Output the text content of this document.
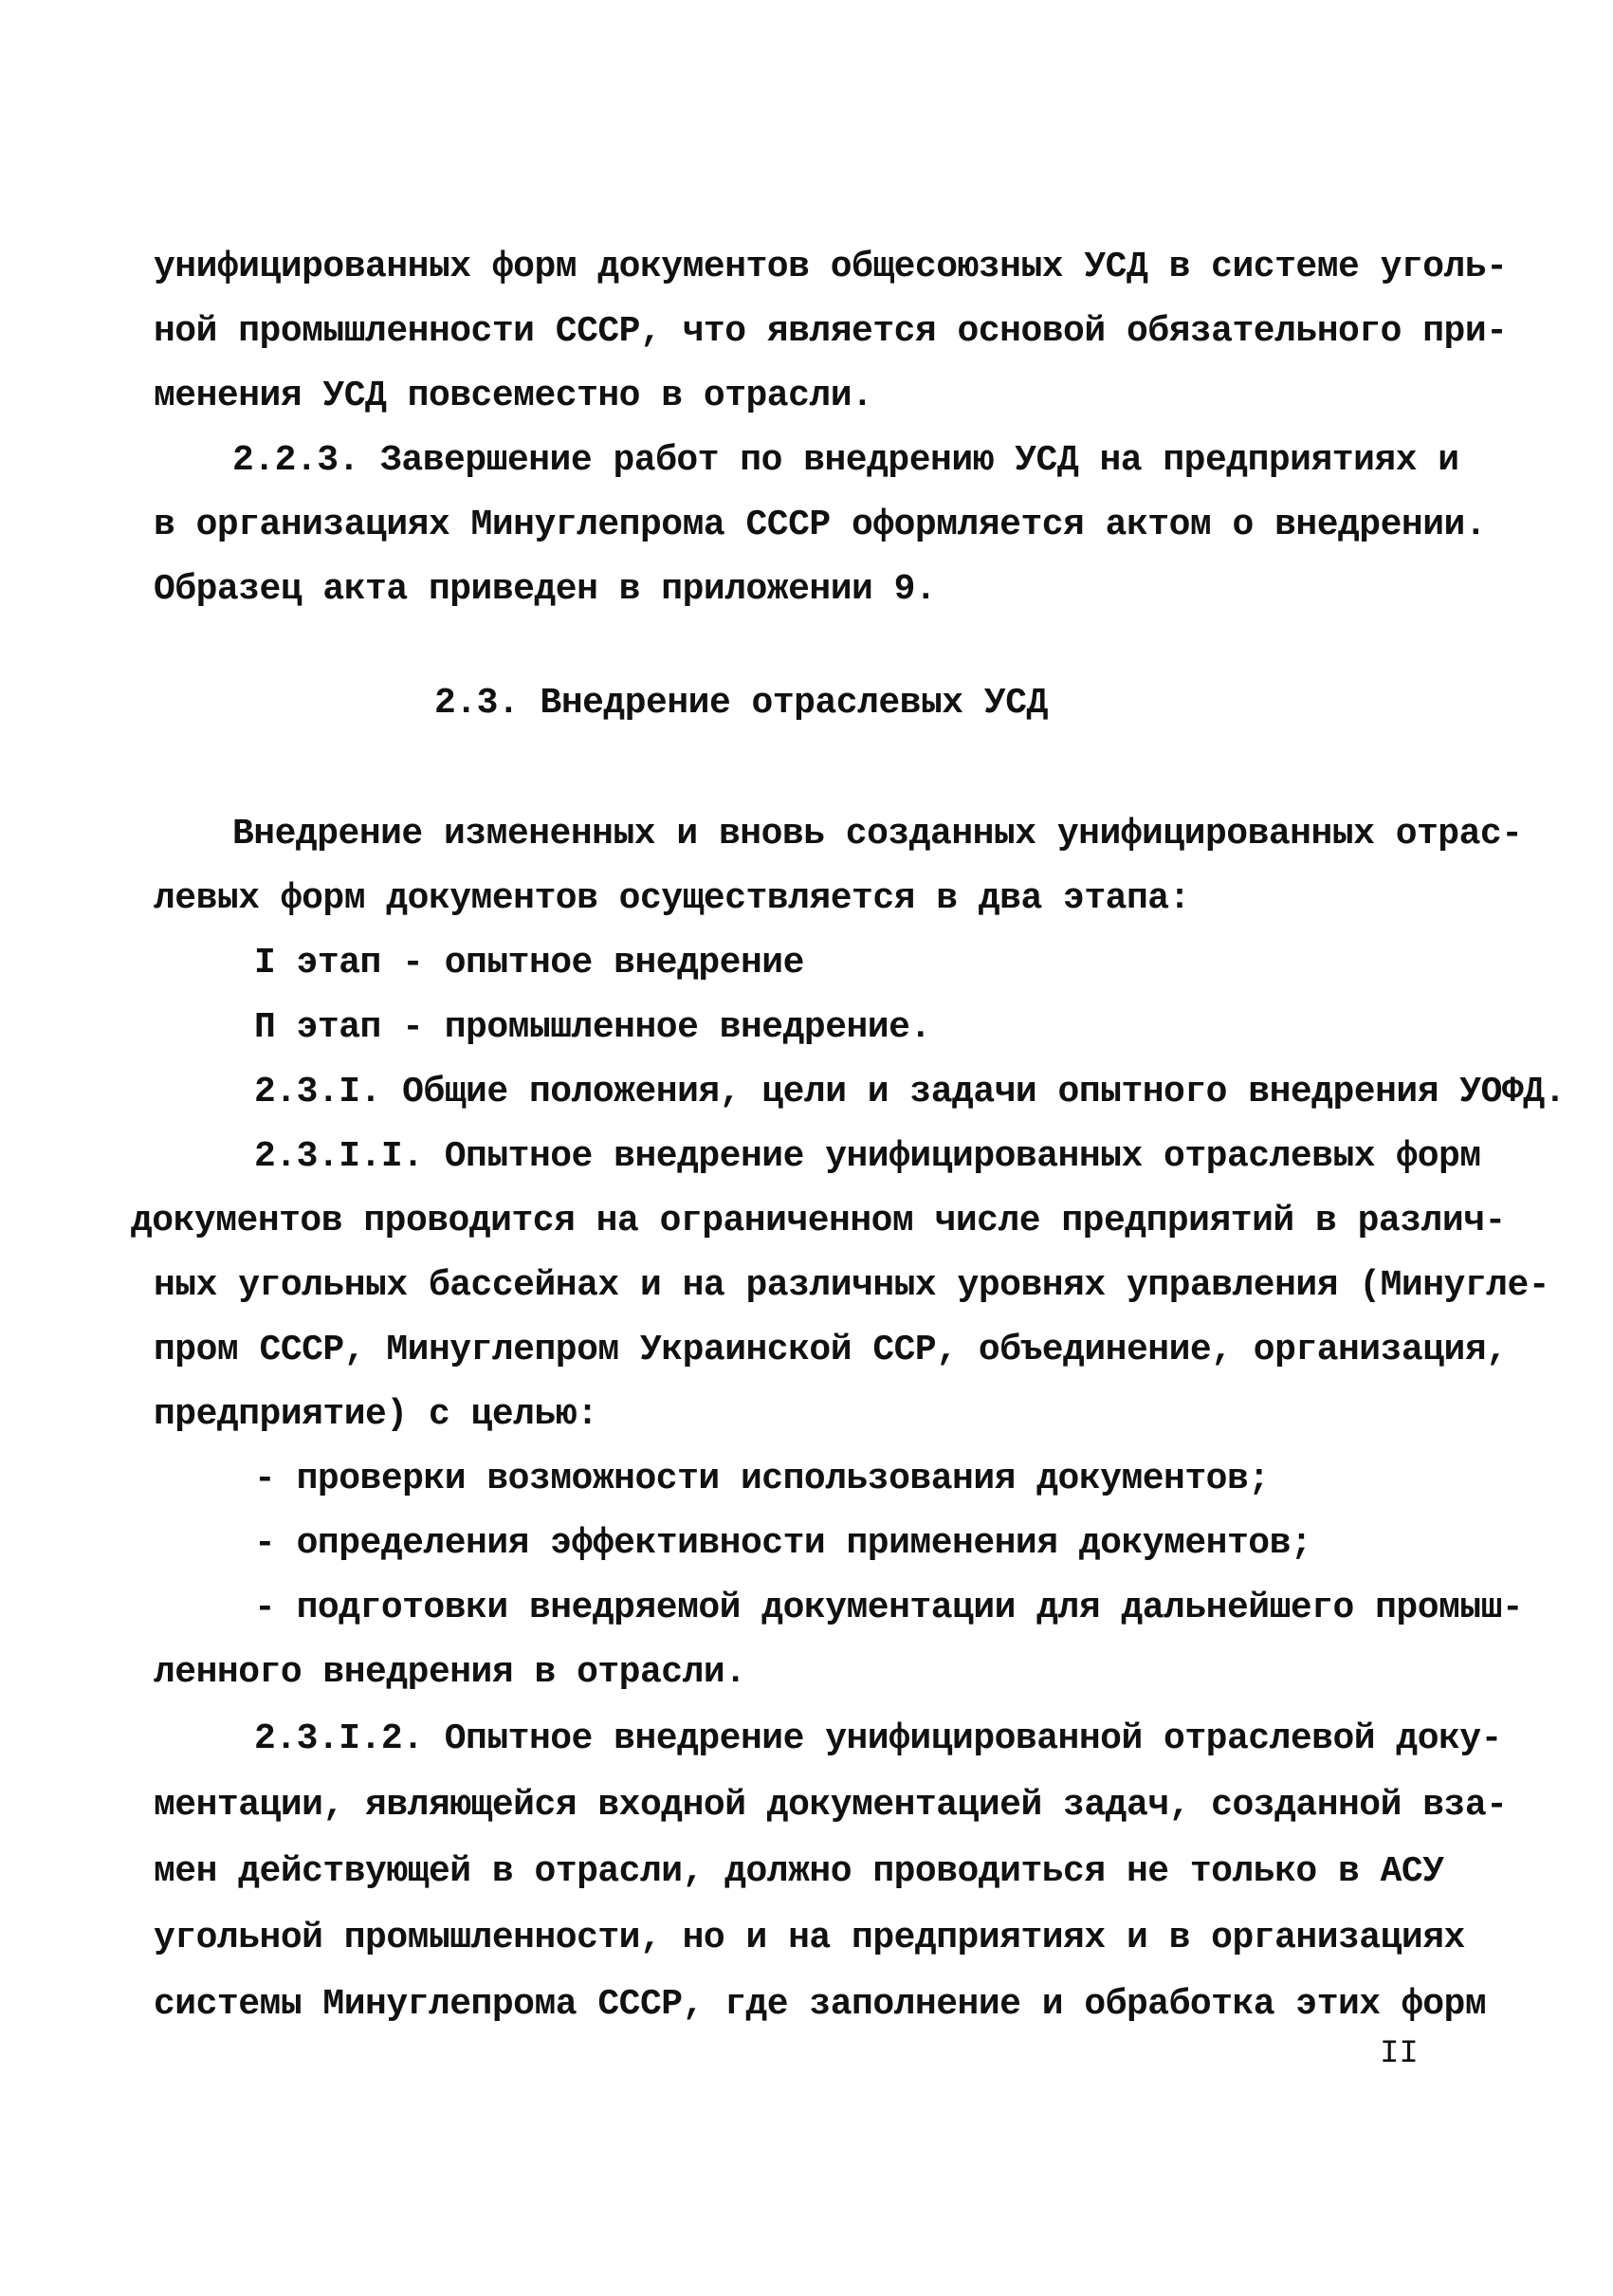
унифицированных форм документов общесоюзных УСД в системе уголь-
ной промышленности СССР, что является основой обязательного при-
менения УСД повсеместно в отрасли.
2.2.3. Завершение работ по внедрению УСД на предприятиях и
в организациях Минуглепрома СССР оформляется актом о внедрении.
Образец акта приведен в приложении 9.
2.3. Внедрение отраслевых УСД
Внедрение измененных и вновь созданных унифицированных отрас-
левых форм документов осуществляется в два этапа:
I этап - опытное внедрение
П этап - промышленное внедрение.
2.3.I. Общие положения, цели и задачи опытного внедрения УОФД.
2.3.I.I. Опытное внедрение унифицированных отраслевых форм
документов проводится на ограниченном числе предприятий в различ-
ных угольных бассейнах и на различных уровнях управления (Минугле-
пром СССР, Минуглепром Украинской ССР, объединение, организация,
предприятие) с целью:
- проверки возможности использования документов;
- определения эффективности применения документов;
- подготовки внедряемой документации для дальнейшего промыш-
ленного внедрения в отрасли.
2.3.I.2. Опытное внедрение унифицированной отраслевой доку-
ментации, являющейся входной документацией задач, созданной вза-
мен действующей в отрасли, должно проводиться не только в АСУ
угольной промышленности, но и на предприятиях и в организациях
системы Минуглепрома СССР, где заполнение и обработка этих форм
II
